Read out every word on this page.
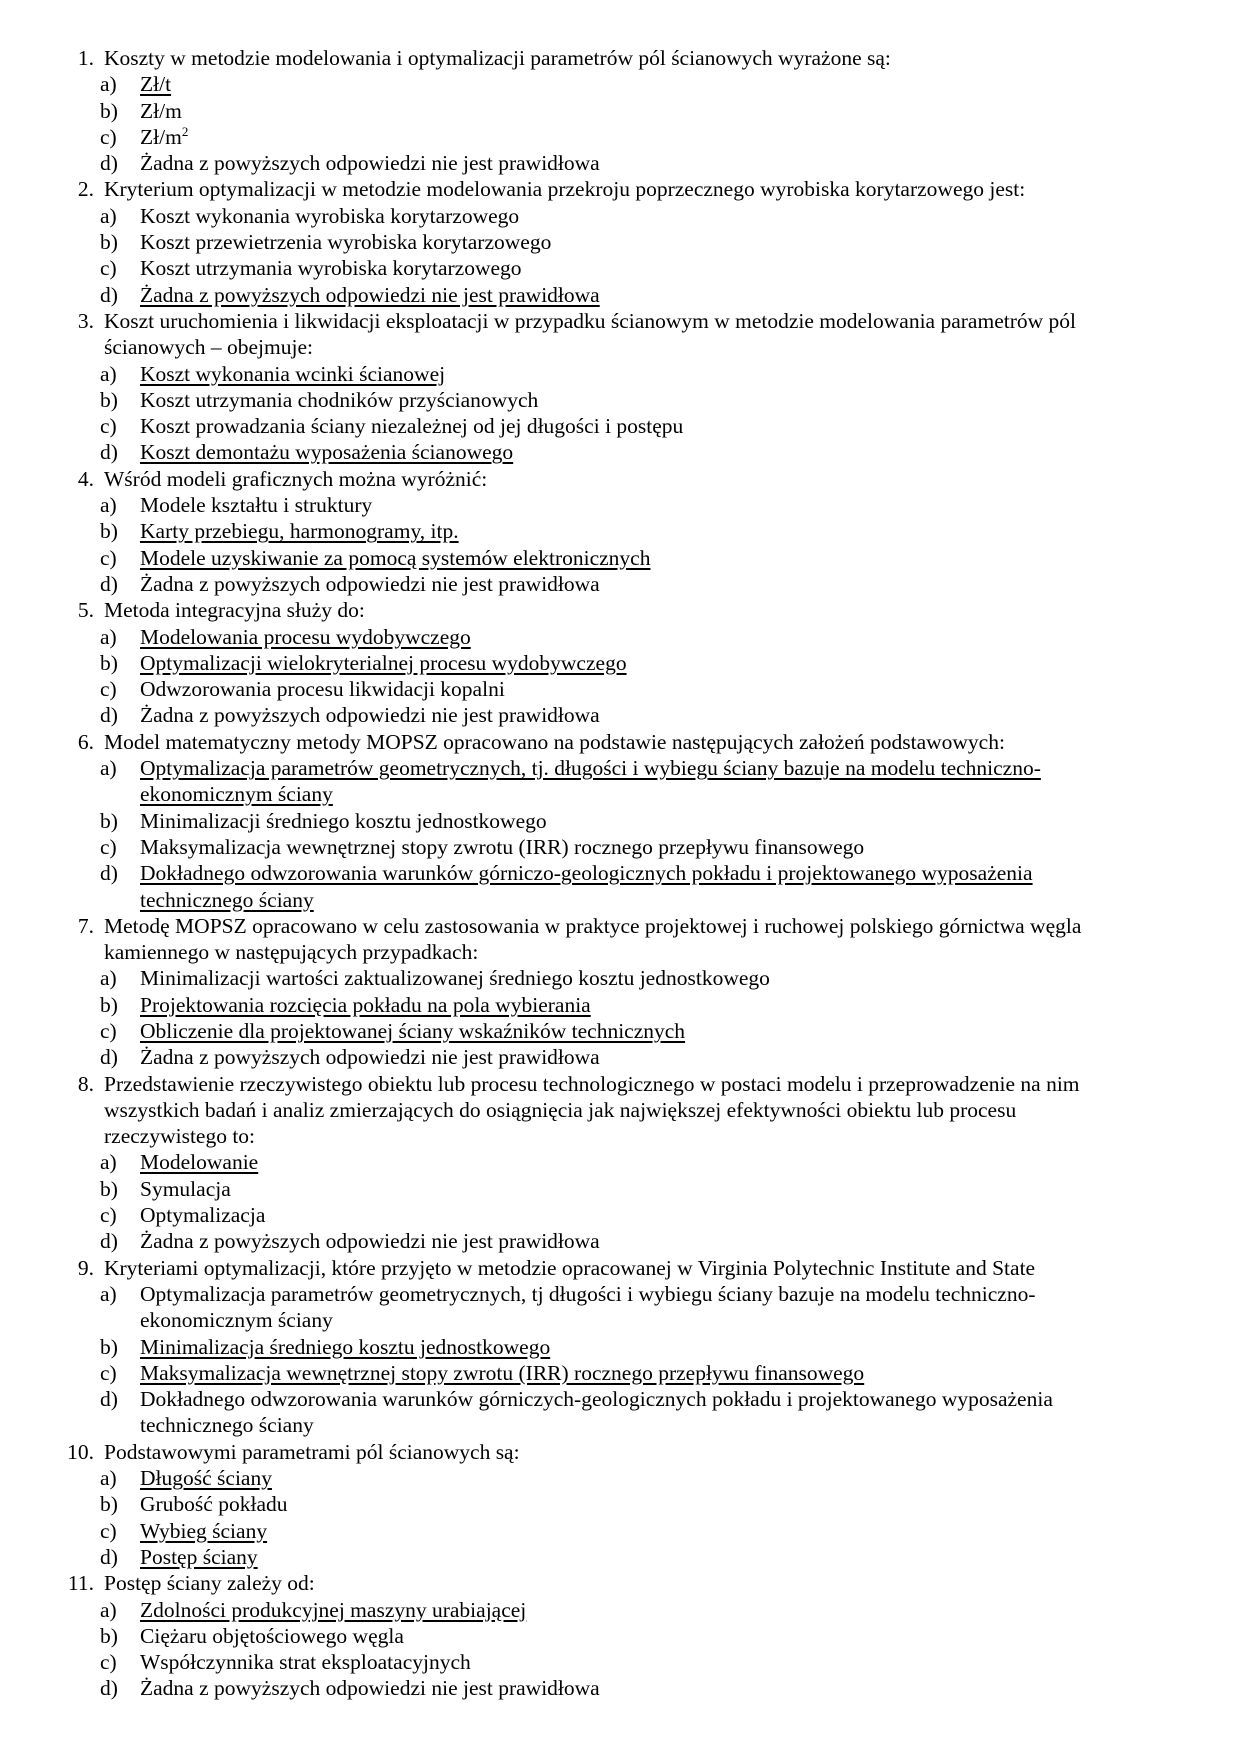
1. Koszty w metodzie modelowania i optymalizacji parametrów pól ścianowych wyrażone są:
a)	Zł/t
b)	Zł/m
c)	$Zł/m^2$
d)	Żadna z powyższych odpowiedzi nie jest prawidłowa
2. Kryterium optymalizacji w metodzie modelowania przekroju poprzecznego wyrobiska korytarzowego jest:
a)	Koszt wykonania wyrobiska korytarzowego
b)	Koszt przewietrzenia wyrobiska korytarzowego
c)	Koszt utrzymania wyrobiska korytarzowego
d)	Żadna z powyższych odpowiedzi nie jest prawidłowa
3. Koszt uruchomienia i likwidacji eksploatacji w przypadku ścianowym w metodzie modelowania parametrów pól ścianowych – obejmuje:
a)	Koszt wykonania wcinki ścianowej
b)	Koszt utrzymania chodników przyścianowych
c)	Koszt prowadzania ściany niezależnej od jej długości i postępu
d)	Koszt demontażu wyposażenia ścianowego
4. Wśród modeli graficznych można wyróżnić:
a)	Modele kształtu i struktury
b)	Karty przebiegu, harmonogramy, itp.
c)	Modele uzyskiwanie za pomocą systemów elektronicznych
d)	Żadna z powyższych odpowiedzi nie jest prawidłowa
5. Metoda integracyjna służy do:
a)	Modelowania procesu wydobywczego
b)	Optymalizacji wielokryterialnej procesu wydobywczego
c)	Odwzorowania procesu likwidacji kopalni
d)	Żadna z powyższych odpowiedzi nie jest prawidłowa
6. Model matematyczny metody MOPSZ opracowano na podstawie następujących założeń podstawowych:
a)	Optymalizacja parametrów geometrycznych, tj. długości i wybiegu ściany bazuje na modelu techniczno-ekonomicznym ściany
b)	Minimalizacji średniego kosztu jednostkowego
c)	Maksymalizacja wewnętrznej stopy zwrotu (IRR) rocznego przepływu finansowego
d)	Dokładnego odwzorowania warunków górniczo-geologicznych pokładu i projektowanego wyposażenia technicznego ściany
7. Metodę MOPSZ opracowano w celu zastosowania w praktyce projektowej i ruchowej polskiego górnictwa węgla kamiennego w następujących przypadkach:
a)	Minimalizacji wartości zaktualizowanej średniego kosztu jednostkowego
b)	Projektowania rozcięcia pokładu na pola wybierania
c)	Obliczenie dla projektowanej ściany wskaźników technicznych
d)	Żadna z powyższych odpowiedzi nie jest prawidłowa
8. Przedstawienie rzeczywistego obiektu lub procesu technologicznego w postaci modelu i przeprowadzenie na nim wszystkich badań i analiz zmierzających do osiągnięcia jak największej efektywności obiektu lub procesu rzeczywistego to:
a)	Modelowanie
b)	Symulacja
c)	Optymalizacja
d)	Żadna z powyższych odpowiedzi nie jest prawidłowa
9. Kryteriami optymalizacji, które przyjęto w metodzie opracowanej w Virginia Polytechnic Institute and State
a)	Optymalizacja parametrów geometrycznych, tj długości i wybiegu ściany bazuje na modelu techniczno-ekonomicznym ściany
b)	Minimalizacja średniego kosztu jednostkowego
c)	Maksymalizacja wewnętrznej stopy zwrotu (IRR) rocznego przepływu finansowego
d)	Dokładnego odwzorowania warunków górniczych-geologicznych pokładu i projektowanego wyposażenia technicznego ściany
10. Podstawowymi parametrami pól ścianowych są:
a)	Długość ściany
b)	Grubość pokładu
c)	Wybieg ściany
d)	Postęp ściany
11. Postęp ściany zależy od:
a)	Zdolności produkcyjnej maszyny urabiającej
b)	Ciężaru objętościowego węgla
c)	Współczynnika strat eksploatacyjnych
d)	Żadna z powyższych odpowiedzi nie jest prawidłowa
